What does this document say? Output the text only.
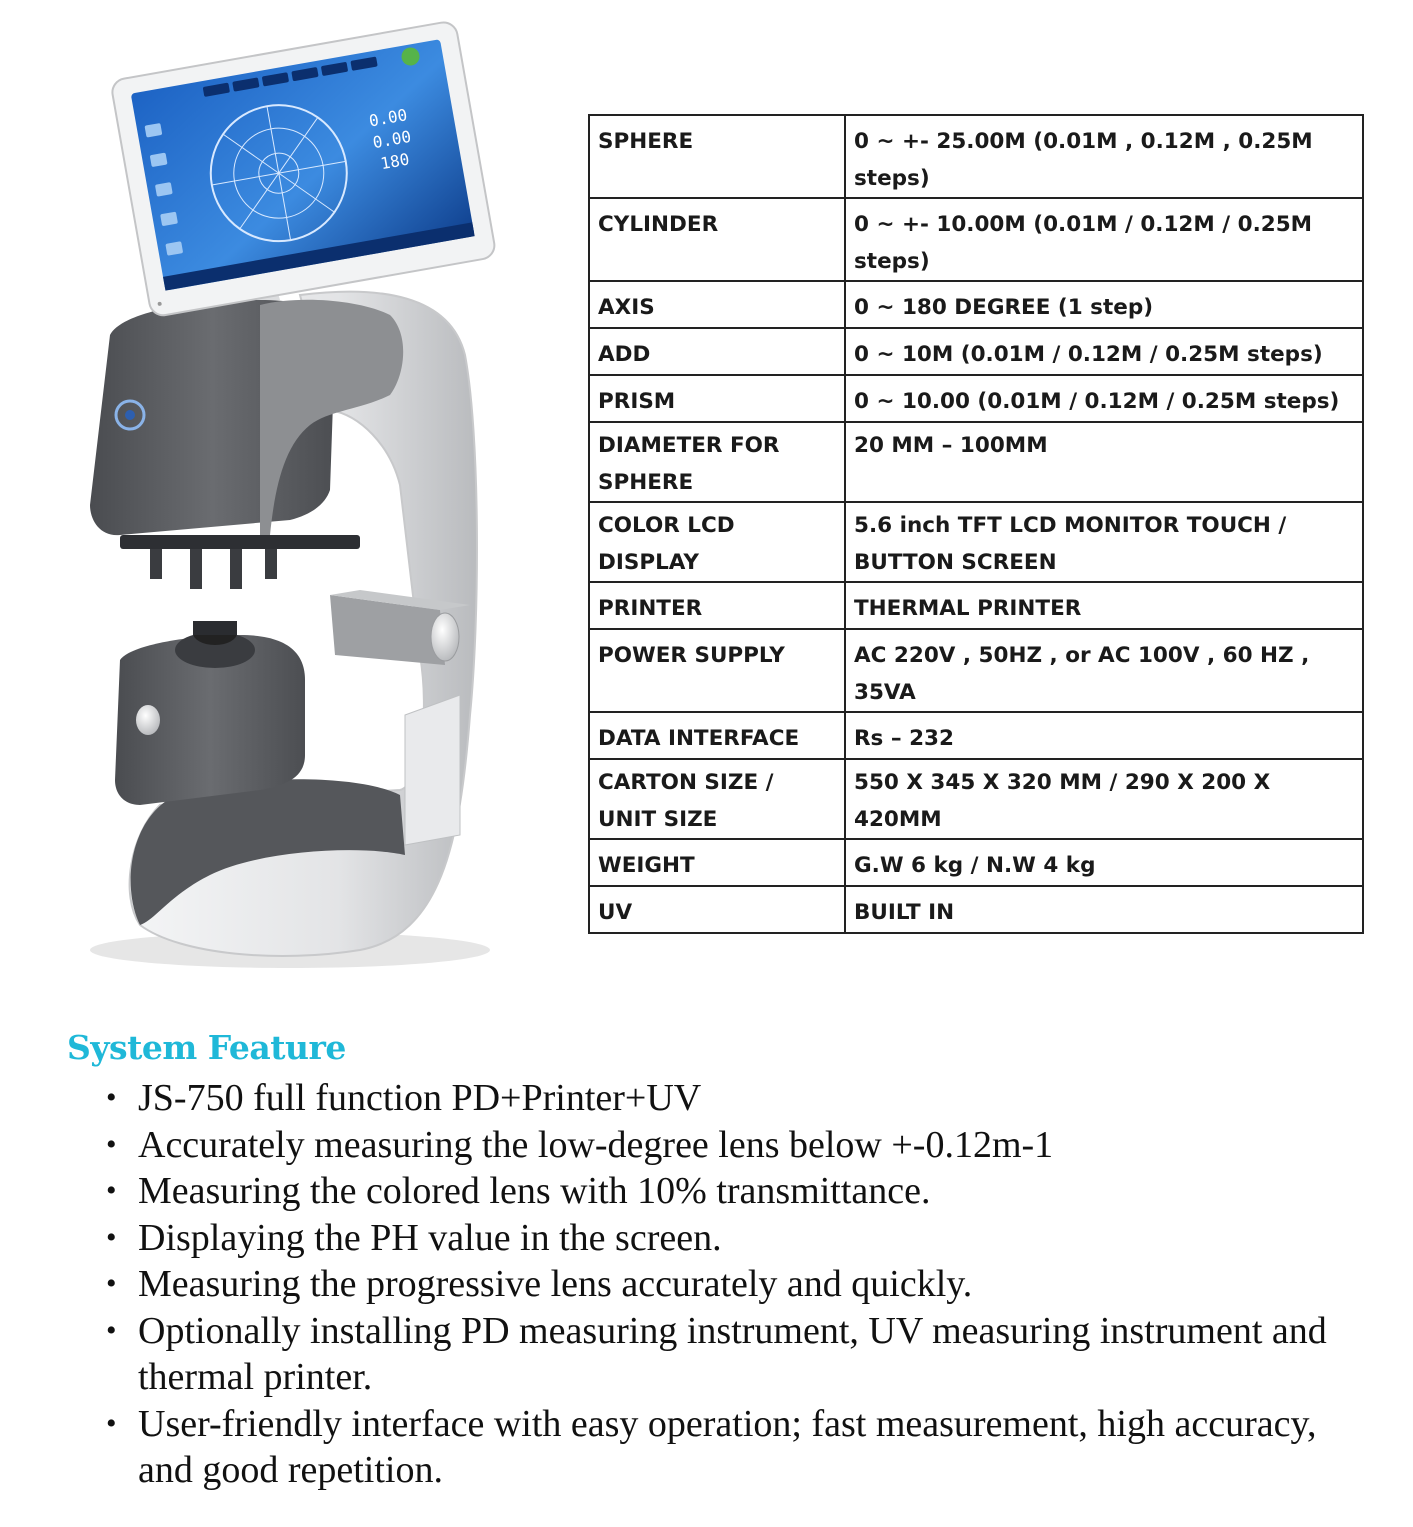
0.00
0.00
180
SPHERE	0 ~ +- 25.00M (0.01M , 0.12M , 0.25M steps)
CYLINDER	0 ~ +- 10.00M (0.01M / 0.12M / 0.25M steps)
AXIS	0 ~ 180 DEGREE (1 step)
ADD	0 ~ 10M (0.01M / 0.12M / 0.25M steps)
PRISM	0 ~ 10.00 (0.01M / 0.12M / 0.25M steps)
DIAMETER FOR SPHERE	20 MM – 100MM
COLOR LCD DISPLAY	5.6 inch TFT LCD MONITOR TOUCH / BUTTON SCREEN
PRINTER	THERMAL PRINTER
POWER SUPPLY	AC 220V , 50HZ , or AC 100V , 60 HZ , 35VA
DATA INTERFACE	Rs – 232
CARTON SIZE / UNIT SIZE	550 X 345 X 320 MM / 290 X 200 X 420MM
WEIGHT	G.W 6 kg / N.W 4 kg
UV	BUILT IN
System Feature
• JS-750 full function PD+Printer+UV
• Accurately measuring the low-degree lens below +-0.12m-1
• Measuring the colored lens with 10% transmittance.
• Displaying the PH value in the screen.
• Measuring the progressive lens accurately and quickly.
• Optionally installing PD measuring instrument, UV measuring instrument and thermal printer.
• User-friendly interface with easy operation; fast measurement, high accuracy, and good repetition.
